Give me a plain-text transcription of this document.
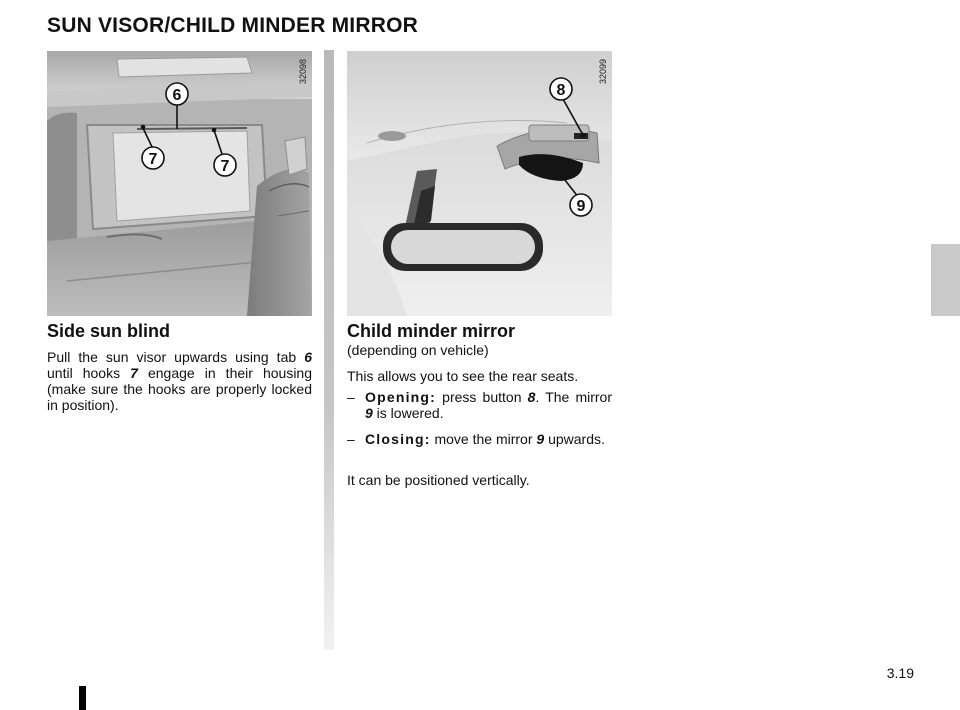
SUN VISOR/CHILD MINDER MIRROR
6
7	7
32098
8
9
32099
Side sun blind
Pull the sun visor upwards using tab 6 until hooks 7 engage in their housing (make sure the hooks are properly locked in position).
Child minder mirror
(depending on vehicle)
This allows you to see the rear seats.
– Opening: press button 8. The mirror 9 is lowered.
– Closing: move the mirror 9 upwards.
It can be positioned vertically.
3.19
